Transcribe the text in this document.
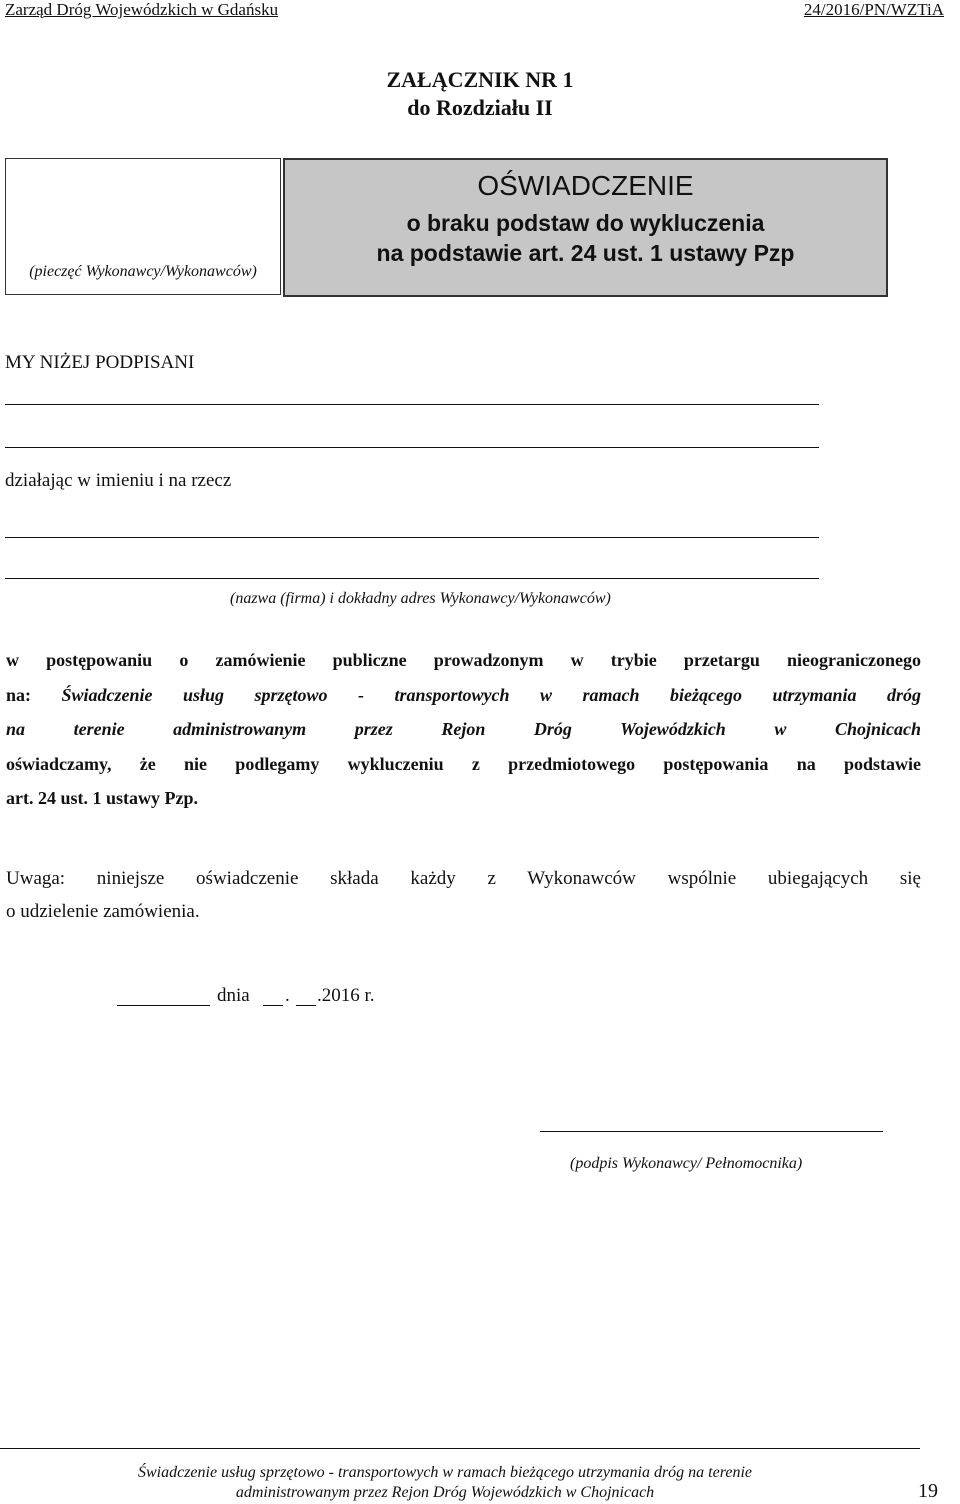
Zarząd Dróg Wojewódzkich w Gdańsku	24/2016/PN/WZTiA
ZAŁĄCZNIK NR 1
do Rozdziału II
(pieczęć Wykonawcy/Wykonawców)
OŚWIADCZENIE
o braku podstaw do wykluczenia
na podstawie art. 24 ust. 1 ustawy Pzp
MY NIŻEJ PODPISANI
działając w imieniu i na rzecz
(nazwa (firma) i dokładny adres Wykonawcy/Wykonawców)
w postępowaniu o zamówienie publiczne prowadzonym w trybie przetargu nieograniczonego
na: Świadczenie usług sprzętowo - transportowych w ramach bieżącego utrzymania dróg
na terenie administrowanym przez Rejon Dróg Wojewódzkich w Chojnicach
oświadczamy, że nie podlegamy wykluczeniu z przedmiotowego postępowania na podstawie
art. 24 ust. 1 ustawy Pzp.
Uwaga: niniejsze oświadczenie składa każdy z Wykonawców wspólnie ubiegających się
o udzielenie zamówienia.
dnia . .2016 r.
(podpis Wykonawcy/ Pełnomocnika)
Świadczenie usług sprzętowo - transportowych w ramach bieżącego utrzymania dróg na terenie
administrowanym przez Rejon Dróg Wojewódzkich w Chojnicach	19
